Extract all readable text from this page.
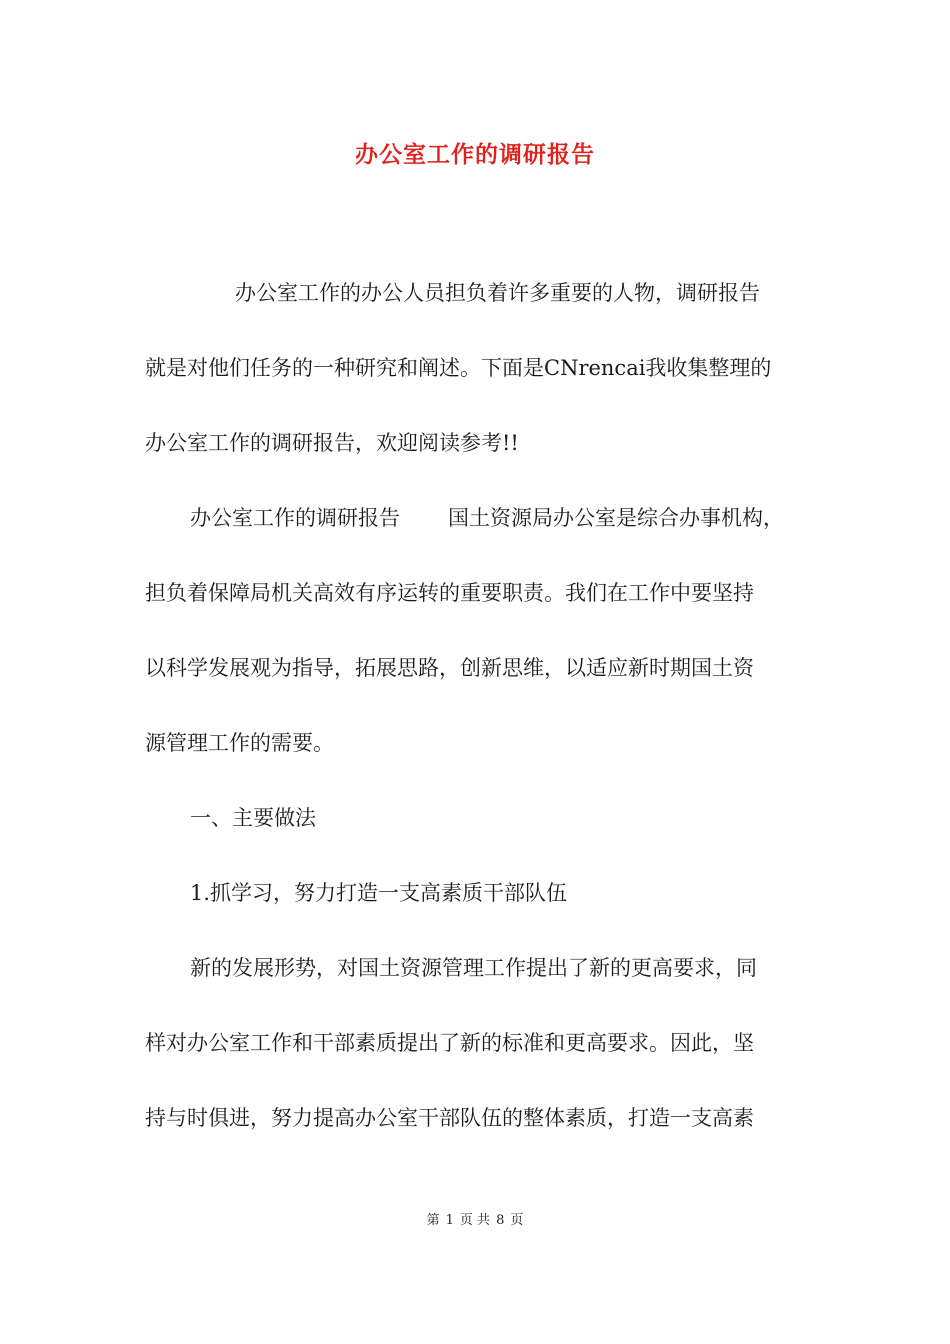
办公室工作的调研报告
办公室工作的办公人员担负着许多重要的人物，调研报告
就是对他们任务的一种研究和阐述。下面是CNrencai我收集整理的
办公室工作的调研报告，欢迎阅读参考!!
办公室工作的调研报告 国土资源局办公室是综合办事机构，
担负着保障局机关高效有序运转的重要职责。我们在工作中要坚持
以科学发展观为指导，拓展思路，创新思维，以适应新时期国土资
源管理工作的需要。
一、主要做法
1.抓学习，努力打造一支高素质干部队伍
新的发展形势，对国土资源管理工作提出了新的更高要求，同
样对办公室工作和干部素质提出了新的标准和更高要求。因此，坚
持与时俱进，努力提高办公室干部队伍的整体素质，打造一支高素
第 1 页 共 8 页
